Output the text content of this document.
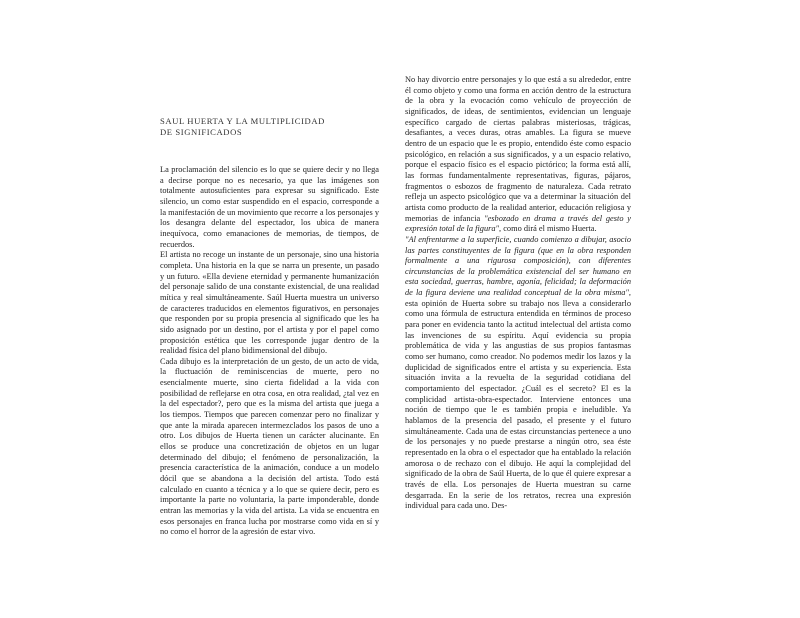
SAUL HUERTA Y LA MULTIPLICIDAD
DE SIGNIFICADOS

La proclamación del silencio es lo que se quiere decir y no llega a decirse porque no es necesario, ya que las imágenes son totalmente autosuficientes para expresar su significado. Este silencio, un como estar suspendido en el espacio, corresponde a la manifestación de un movimiento que recorre a los personajes y los desangra delante del espectador, los ubica de manera inequívoca, como emanaciones de memorias, de tiempos, de recuerdos.

El artista no recoge un instante de un personaje, sino una historia completa. Una historia en la que se narra un presente, un pasado y un futuro. «Ella deviene eternidad y permanente humanización del personaje salido de una constante existencial, de una realidad mítica y real simultáneamente. Saúl Huerta muestra un universo de caracteres traducidos en elementos figurativos, en personajes que responden por su propia presencia al significado que les ha sido asignado por un destino, por el artista y por el papel como proposición estética que les corresponde jugar dentro de la realidad física del plano bidimensional del dibujo.

Cada dibujo es la interpretación de un gesto, de un acto de vida, la fluctuación de reminiscencias de muerte, pero no esencialmente muerte, sino cierta fidelidad a la vida con posibilidad de reflejarse en otra cosa, en otra realidad, ¿tal vez en la del espectador?, pero que es la misma del artista que juega a los tiempos. Tiempos que parecen comenzar pero no finalizar y que ante la mirada aparecen intermezclados los pasos de uno a otro. Los dibujos de Huerta tienen un carácter alucinante. En ellos se produce una concretización de objetos en un lugar determinado del dibujo; el fenómeno de personalización, la presencia característica de la animación, conduce a un modelo dócil que se abandona a la decisión del artista. Todo está calculado en cuanto a técnica y a lo que se quiere decir, pero es importante la parte no voluntaria, la parte imponderable, donde entran las memorias y la vida del artista. La vida se encuentra en esos personajes en franca lucha por mostrarse como vida en sí y no como el horror de la agresión de estar vivo.

No hay divorcio entre personajes y lo que está a su alrededor, entre él como objeto y como una forma en acción dentro de la estructura de la obra y la evocación como vehículo de proyección de significados, de ideas, de sentimientos, evidencian un lenguaje específico cargado de ciertas palabras misteriosas, trágicas, desafiantes, a veces duras, otras amables. La figura se mueve dentro de un espacio que le es propio, entendido éste como espacio psicológico, en relación a sus significados, y a un espacio relativo, porque el espacio físico es el espacio pictórico; la forma está allí, las formas fundamentalmente representativas, figuras, pájaros, fragmentos o esbozos de fragmento de naturaleza. Cada retrato refleja un aspecto psicológico que va a determinar la situación del artista como producto de la realidad anterior, educación religiosa y memorias de infancia "esbozado en drama a través del gesto y expresión total de la figura", como dirá el mismo Huerta.

"Al enfrentarme a la superficie, cuando comienzo a dibujar, asocio las partes constituyentes de la figura (que en la obra responden formalmente a una rigurosa composición), con diferentes circunstancias de la problemática existencial del ser humano en esta sociedad, guerras, hambre, agonía, felicidad; la deformación de la figura deviene una realidad conceptual de la obra misma", esta opinión de Huerta sobre su trabajo nos lleva a considerarlo como una fórmula de estructura entendida en términos de proceso para poner en evidencia tanto la actitud intelectual del artista como las invenciones de su espíritu. Aquí evidencia su propia problemática de vida y las angustias de sus propios fantasmas como ser humano, como creador. No podemos medir los lazos y la duplicidad de significados entre el artista y su experiencia. Esta situación invita a la revuelta de la seguridad cotidiana del comportamiento del espectador. ¿Cuál es el secreto? El es la complicidad artista-obra-espectador. Interviene entonces una noción de tiempo que le es también propia e ineludible. Ya hablamos de la presencia del pasado, el presente y el futuro simultáneamente. Cada una de estas circunstancias pertenece a uno de los personajes y no puede prestarse a ningún otro, sea éste representado en la obra o el espectador que ha entablado la relación amorosa o de rechazo con el dibujo. He aquí la complejidad del significado de la obra de Saúl Huerta, de lo que él quiere expresar a través de ella. Los personajes de Huerta muestran su carne desgarrada. En la serie de los retratos, recrea una expresión individual para cada uno. Des-
